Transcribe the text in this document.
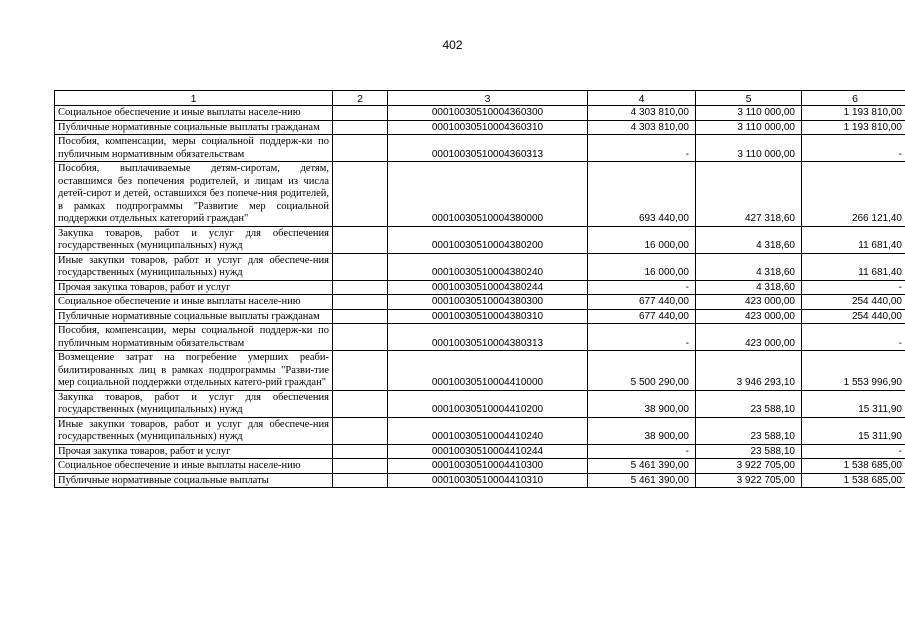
402
1	2	3	4	5	6
Социальное обеспечение и иные выплаты населе-нию		00010030510004360300	4 303 810,00	3 110 000,00	1 193 810,00
Публичные нормативные социальные выплаты гражданам		00010030510004360310	4 303 810,00	3 110 000,00	1 193 810,00
Пособия, компенсации, меры социальной поддерж-ки по публичным нормативным обязательствам		00010030510004360313	-	3 110 000,00	-
Пособия, выплачиваемые детям-сиротам, детям, оставшимся без попечения родителей, и лицам из числа детей-сирот и детей, оставшихся без попече-ния родителей, в рамках подпрограммы "Развитие мер социальной поддержки отдельных категорий граждан"		00010030510004380000	693 440,00	427 318,60	266 121,40
Закупка товаров, работ и услуг для обеспечения государственных (муниципальных) нужд		00010030510004380200	16 000,00	4 318,60	11 681,40
Иные закупки товаров, работ и услуг для обеспече-ния государственных (муниципальных) нужд		00010030510004380240	16 000,00	4 318,60	11 681,40
Прочая закупка товаров, работ и услуг		00010030510004380244	-	4 318,60	-
Социальное обеспечение и иные выплаты населе-нию		00010030510004380300	677 440,00	423 000,00	254 440,00
Публичные нормативные социальные выплаты гражданам		00010030510004380310	677 440,00	423 000,00	254 440,00
Пособия, компенсации, меры социальной поддерж-ки по публичным нормативным обязательствам		00010030510004380313	-	423 000,00	-
Возмещение затрат на погребение умерших реаби-билитированных лиц в рамках подпрограммы "Разви-тие мер социальной поддержки отдельных катего-рий граждан"		00010030510004410000	5 500 290,00	3 946 293,10	1 553 996,90
Закупка товаров, работ и услуг для обеспечения государственных (муниципальных) нужд		00010030510004410200	38 900,00	23 588,10	15 311,90
Иные закупки товаров, работ и услуг для обеспече-ния государственных (муниципальных) нужд		00010030510004410240	38 900,00	23 588,10	15 311,90
Прочая закупка товаров, работ и услуг		00010030510004410244	-	23 588,10	-
Социальное обеспечение и иные выплаты населе-нию		00010030510004410300	5 461 390,00	3 922 705,00	1 538 685,00
Публичные нормативные социальные выплаты		00010030510004410310	5 461 390,00	3 922 705,00	1 538 685,00
